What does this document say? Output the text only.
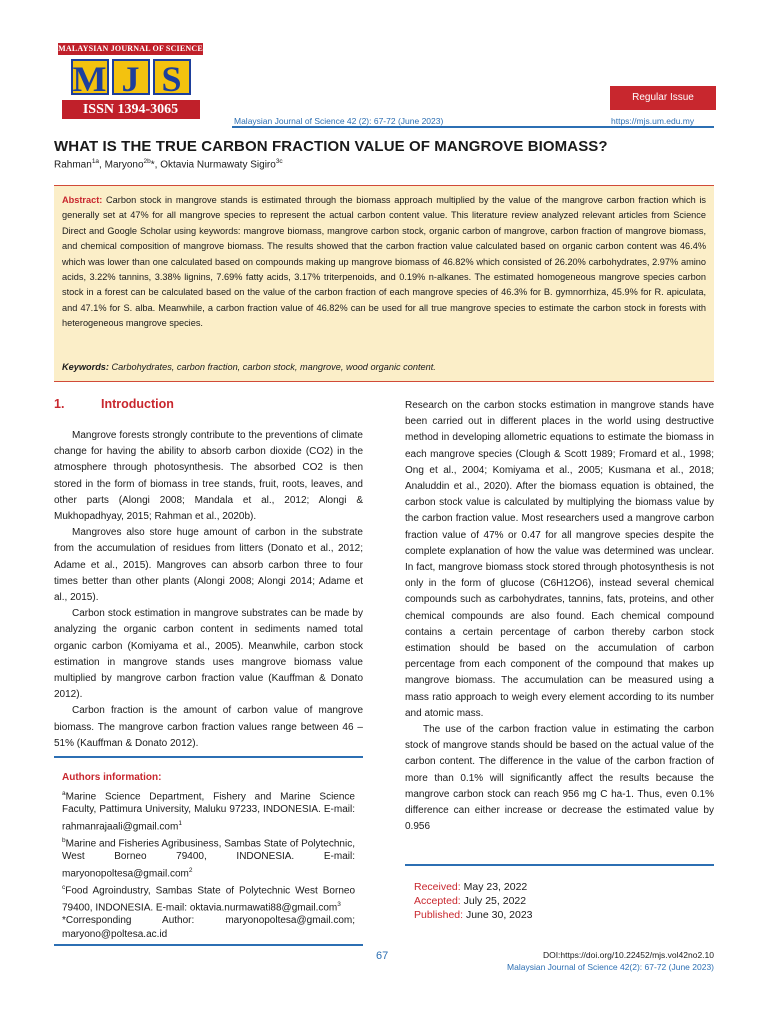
MALAYSIAN JOURNAL OF SCIENCE
M J S
ISSN 1394-3065
Regular Issue
Malaysian Journal of Science 42 (2): 67-72 (June 2023)	https://mjs.um.edu.my
WHAT IS THE TRUE CARBON FRACTION VALUE OF MANGROVE BIOMASS?
Rahman$^{1a}$, Maryono$^{2b}$*, Oktavia Nurmawaty Sigiro$^{3c}$
Abstract: Carbon stock in mangrove stands is estimated through the biomass approach multiplied by the value of the mangrove carbon fraction which is generally set at 47% for all mangrove species to represent the actual carbon content value. This literature review analyzed relevant articles from Science Direct and Google Scholar using keywords: mangrove biomass, mangrove carbon stock, organic carbon of mangrove, carbon fraction of mangrove biomass, and chemical composition of mangrove biomass. The results showed that the carbon fraction value calculated based on organic carbon content was 46.4% which was lower than one calculated based on compounds making up mangrove biomass of 46.82% which consisted of 26.20% carbohydrates, 2.97% amino acids, 3.22% tannins, 3.38% lignins, 7.69% fatty acids, 3.17% triterpenoids, and 0.19% n-alkanes. The estimated homogeneous mangrove species carbon stock in a forest can be calculated based on the value of the carbon fraction of each mangrove species of 46.3% for B. gymnorrhiza, 45.9% for R. apiculata, and 47.1% for S. alba. Meanwhile, a carbon fraction value of 46.82% can be used for all true mangrove species to estimate the carbon stock in forests with heterogeneous mangrove species.
Keywords: Carbohydrates, carbon fraction, carbon stock, mangrove, wood organic content.
1.	Introduction

Mangrove forests strongly contribute to the preventions of climate change for having the ability to absorb carbon dioxide (CO2) in the atmosphere through photosynthesis. The absorbed CO2 is then stored in the form of biomass in tree stands, fruit, roots, leaves, and other parts (Alongi 2008; Mandala et al., 2012; Alongi & Mukhopadhyay, 2015; Rahman et al., 2020b).

Mangroves also store huge amount of carbon in the substrate from the accumulation of residues from litters (Donato et al., 2012; Adame et al., 2015). Mangroves can absorb carbon three to four times better than other plants (Alongi 2008; Alongi 2014; Adame et al., 2015).

Carbon stock estimation in mangrove substrates can be made by analyzing the organic carbon content in sediments named total organic carbon (Komiyama et al., 2005). Meanwhile, carbon stock estimation in mangrove stands uses mangrove biomass value multiplied by mangrove carbon fraction value (Kauffman & Donato 2012).

Carbon fraction is the amount of carbon value of mangrove biomass. The mangrove carbon fraction values range between 46 – 51% (Kauffman & Donato 2012).

Research on the carbon stocks estimation in mangrove stands have been carried out in different places in the world using destructive method in developing allometric equations to estimate the biomass in each mangrove species (Clough & Scott 1989; Fromard et al., 1998; Ong et al., 2004; Komiyama et al., 2005; Kusmana et al., 2018; Analuddin et al., 2020). After the biomass equation is obtained, the carbon stock value is calculated by multiplying the biomass value by the carbon fraction value. Most researchers used a mangrove carbon fraction value of 47% or 0.47 for all mangrove species despite the complete explanation of how the value was determined was unclear. In fact, mangrove biomass stock stored through photosynthesis is not only in the form of glucose (C6H12O6), instead several chemical compounds such as carbohydrates, tannins, fats, proteins, and other chemical compounds are also found. Each chemical compound contains a certain percentage of carbon thereby carbon stock estimation should be based on the accumulation of carbon percentage from each component of the compound that makes up mangrove biomass. The accumulation can be measured using a mass ratio approach to weigh every element according to its number and atomic mass.

The use of the carbon fraction value in estimating the carbon stock of mangrove stands should be based on the actual value of the carbon content. The difference in the value of the carbon fraction of more than 0.1% will significantly affect the results because the mangrove carbon stock can reach 956 mg C ha-1. Thus, even 0.1% difference can either increase or decrease the estimated value by 0.956

Authors information:
$^a$Marine Science Department, Fishery and Marine Science Faculty, Pattimura University, Maluku 97233, INDONESIA. E-mail: rahmanrajaali@gmail.com$^1$
$^b$Marine and Fisheries Agribusiness, Sambas State of Polytechnic, West Borneo 79400, INDONESIA. E-mail: maryonopoltesa@gmail.com$^2$
$^c$Food Agroindustry, Sambas State of Polytechnic West Borneo 79400, INDONESIA. E-mail: oktavia.nurmawati88@gmail.com$^3$
*Corresponding Author: maryonopoltesa@gmail.com; maryono@poltesa.ac.id
Received: May 23, 2022
Accepted: July 25, 2022
Published: June 30, 2023
67	DOI:https://doi.org/10.22452/mjs.vol42no2.10
Malaysian Journal of Science 42(2): 67-72 (June 2023)
